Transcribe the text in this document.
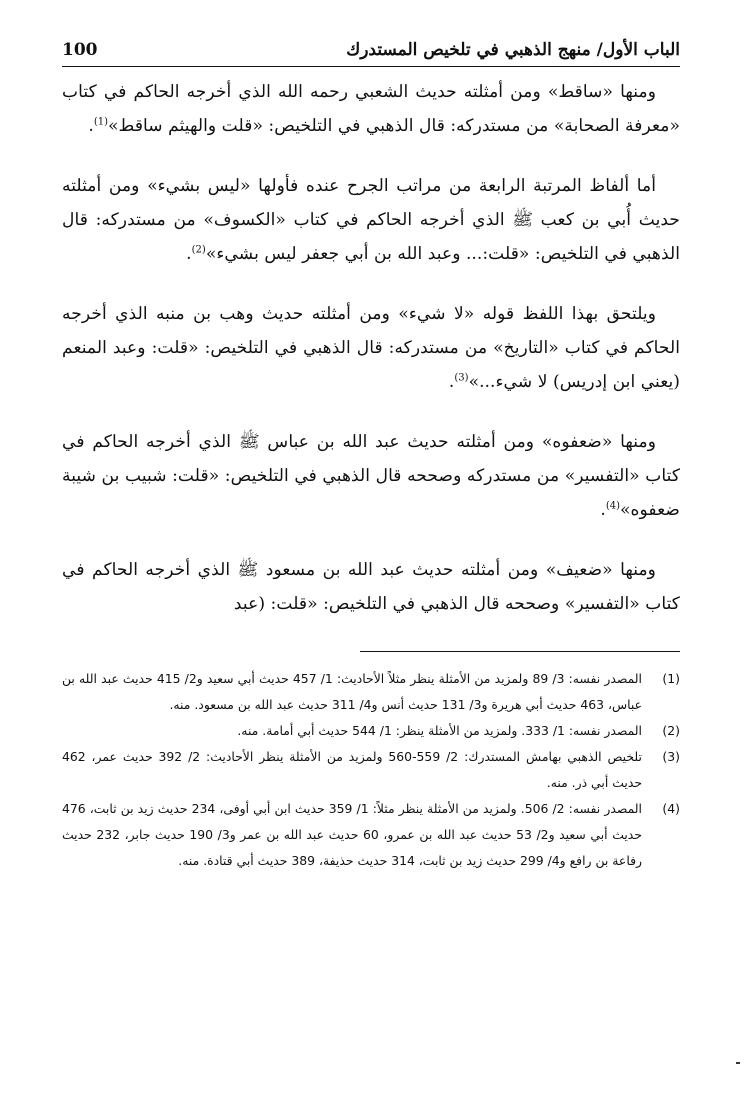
100	الباب الأول/ منهج الذهبي في تلخيص المستدرك

ومنها «ساقط» ومن أمثلته حديث الشعبي رحمه الله الذي أخرجه الحاكم في كتاب «معرفة الصحابة» من مستدركه: قال الذهبي في التلخيص: «قلت والهيثم ساقط»$^{(1)}$.

أما ألفاظ المرتبة الرابعة من مراتب الجرح عنده فأولها «ليس بشيء» ومن أمثلته حديث أُبي بن كعب ﷺ الذي أخرجه الحاكم في كتاب «الكسوف» من مستدركه: قال الذهبي في التلخيص: «قلت:... وعبد الله بن أبي جعفر ليس بشيء»$^{(2)}$.

ويلتحق بهذا اللفظ قوله «لا شيء» ومن أمثلته حديث وهب بن منبه الذي أخرجه الحاكم في كتاب «التاريخ» من مستدركه: قال الذهبي في التلخيص: «قلت: وعبد المنعم (يعني ابن إدريس) لا شيء...»$^{(3)}$.

ومنها «ضعفوه» ومن أمثلته حديث عبد الله بن عباس ﷺ الذي أخرجه الحاكم في كتاب «التفسير» من مستدركه وصححه قال الذهبي في التلخيص: «قلت: شبيب بن شيبة ضعفوه»$^{(4)}$.

ومنها «ضعيف» ومن أمثلته حديث عبد الله بن مسعود ﷺ الذي أخرجه الحاكم في كتاب «التفسير» وصححه قال الذهبي في التلخيص: «قلت: (عبد

(1)
المصدر نفسه: 3/ 89 ولمزيد من الأمثلة ينظر مثلاً الأحاديث: 1/ 457 حديث أبي سعيد و2/ 415 حديث عبد الله بن عباس، 463 حديث أبي هريرة و3/ 131 حديث أنس و4/ 311 حديث عبد الله بن مسعود. منه.
(2)
المصدر نفسه: 1/ 333. ولمزيد من الأمثلة ينظر: 1/ 544 حديث أبي أمامة. منه.
(3)
تلخيص الذهبي بهامش المستدرك: 2/ 559-560 ولمزيد من الأمثلة ينظر الأحاديث: 2/ 392 حديث عمر، 462 حديث أبي ذر. منه.
(4)
المصدر نفسه: 2/ 506. ولمزيد من الأمثلة ينظر مثلاً: 1/ 359 حديث ابن أبي أوفى، 234 حديث زيد بن ثابت، 476 حديث أبي سعيد و2/ 53 حديث عبد الله بن عمرو، 60 حديث عبد الله بن عمر و3/ 190 حديث جابر، 232 حديث رفاعة بن رافع و4/ 299 حديث زيد بن ثابت، 314 حديث حذيفة، 389 حديث أبي قتادة. منه.
